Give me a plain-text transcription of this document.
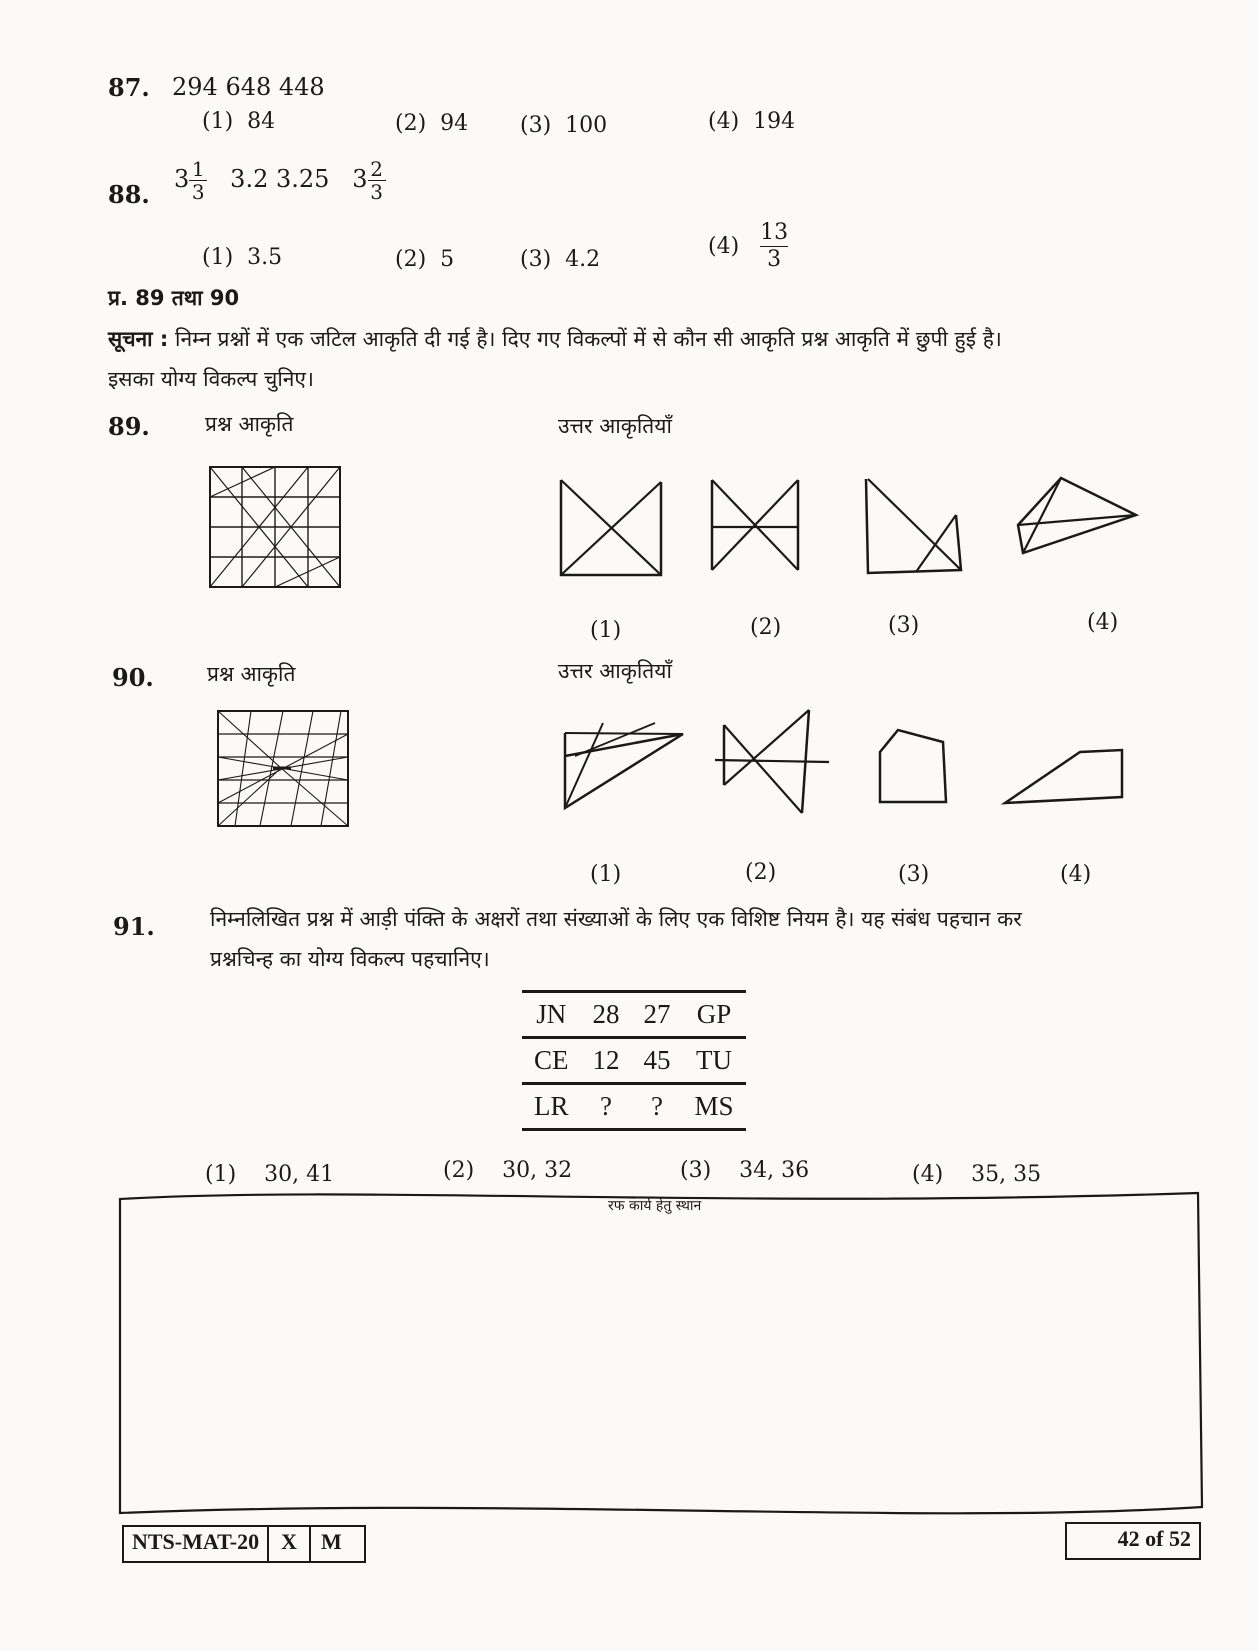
87. 294 648 448
(1) 84	(2) 94 (3) 100	(4) 194
88.
$3 \frac{1}{3} 3.2$ 3.25 $3 \frac{2}{3}$
(1) 3.5	(2) 5	(3) 4.2
$(4) \frac{13}{3}$
प्र. 89 तथा 90
सूचना : निम्न प्रश्नों में एक जटिल आकृति दी गई है। दिए गए विकल्पों में से कौन सी आकृति प्रश्न आकृति में छुपी हुई है।
इसका योग्य विकल्प चुनिए।
89.	प्रश्न आकृति	उत्तर आकृतियाँ
(1)	(2)	(3)	(4)
90.	प्रश्न आकृति	उत्तर आकृतियाँ
(1)	(2)	(3)	(4)
91.	निम्नलिखित प्रश्न में आड़ी पंक्ति के अक्षरों तथा संख्याओं के लिए एक विशिष्ट नियम है। यह संबंध पहचान कर
प्रश्नचिन्ह का योग्य विकल्प पहचानिए।
JN	28	27	GP
CE	12	45	TU
LR	?	?	MS
(1) 30, 41	(2) 30, 32	(3) 34, 36	(4) 35, 35
रफ कार्य हेतु स्थान
NTS-MAT-20	X	M	42 of 52
